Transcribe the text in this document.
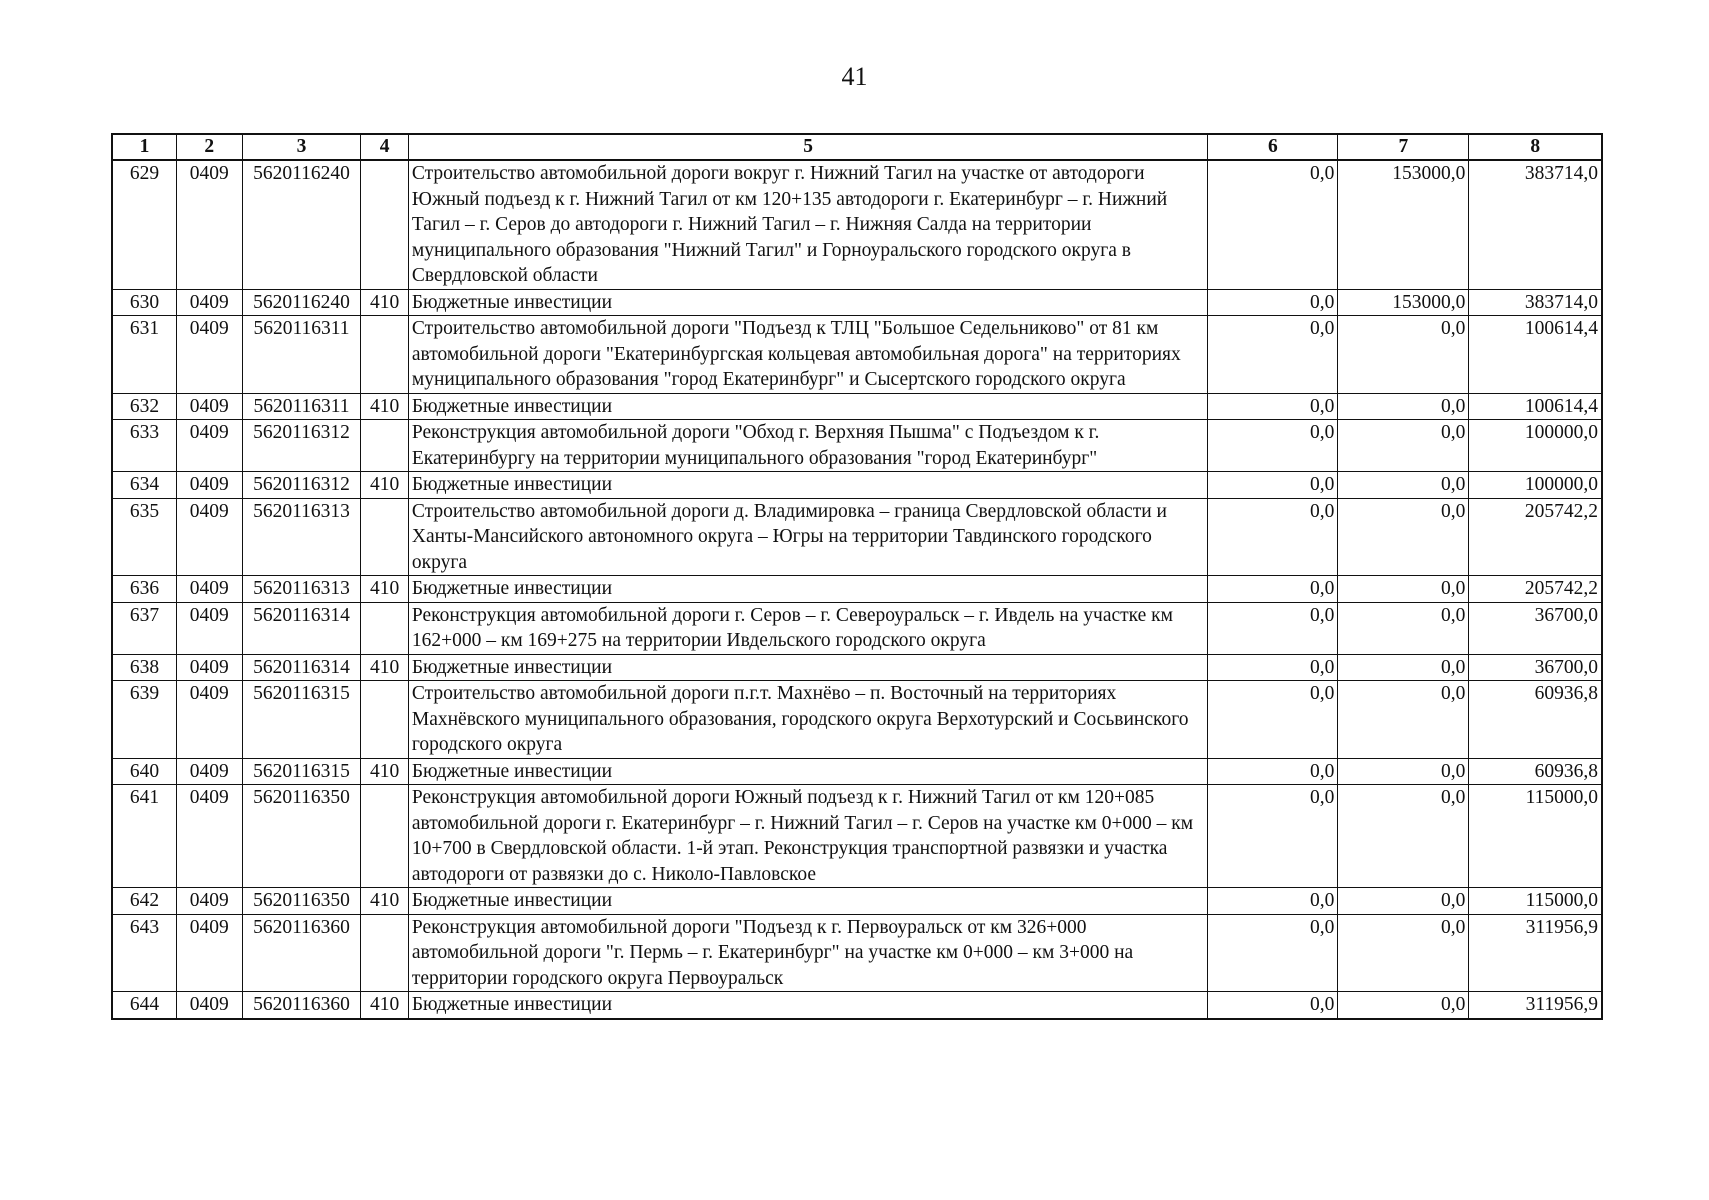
41
1	2	3	4	5	6	7	8
629	0409	5620116240		Строительство автомобильной дороги вокруг г. Нижний Тагил на участке от автодороги Южный подъезд к г. Нижний Тагил от км 120+135 автодороги г. Екатеринбург – г. Нижний Тагил – г. Серов до автодороги г. Нижний Тагил – г. Нижняя Салда на территории муниципального образования "Нижний Тагил" и Горноуральского городского округа в Свердловской области	0,0	153000,0	383714,0
630	0409	5620116240	410	Бюджетные инвестиции	0,0	153000,0	383714,0
631	0409	5620116311		Строительство автомобильной дороги "Подъезд к ТЛЦ "Большое Седельниково" от 81 км автомобильной дороги "Екатеринбургская кольцевая автомобильная дорога" на территориях муниципального образования "город Екатеринбург" и Сысертского городского округа	0,0	0,0	100614,4
632	0409	5620116311	410	Бюджетные инвестиции	0,0	0,0	100614,4
633	0409	5620116312		Реконструкция автомобильной дороги "Обход г. Верхняя Пышма" с Подъездом к г. Екатеринбургу на территории муниципального образования "город Екатеринбург"	0,0	0,0	100000,0
634	0409	5620116312	410	Бюджетные инвестиции	0,0	0,0	100000,0
635	0409	5620116313		Строительство автомобильной дороги д. Владимировка – граница Свердловской области и Ханты-Мансийского автономного округа – Югры на территории Тавдинского городского округа	0,0	0,0	205742,2
636	0409	5620116313	410	Бюджетные инвестиции	0,0	0,0	205742,2
637	0409	5620116314		Реконструкция автомобильной дороги г. Серов – г. Североуральск – г. Ивдель на участке км 162+000 – км 169+275 на территории Ивдельского городского округа	0,0	0,0	36700,0
638	0409	5620116314	410	Бюджетные инвестиции	0,0	0,0	36700,0
639	0409	5620116315		Строительство автомобильной дороги п.г.т. Махнёво – п. Восточный на территориях Махнёвского муниципального образования, городского округа Верхотурский и Сосьвинского городского округа	0,0	0,0	60936,8
640	0409	5620116315	410	Бюджетные инвестиции	0,0	0,0	60936,8
641	0409	5620116350		Реконструкция автомобильной дороги Южный подъезд к г. Нижний Тагил от км 120+085 автомобильной дороги г. Екатеринбург – г. Нижний Тагил – г. Серов на участке км 0+000 – км 10+700 в Свердловской области. 1-й этап. Реконструкция транспортной развязки и участка автодороги от развязки до с. Николо-Павловское	0,0	0,0	115000,0
642	0409	5620116350	410	Бюджетные инвестиции	0,0	0,0	115000,0
643	0409	5620116360		Реконструкция автомобильной дороги "Подъезд к г. Первоуральск от км 326+000 автомобильной дороги "г. Пермь – г. Екатеринбург" на участке км 0+000 – км 3+000 на территории городского округа Первоуральск	0,0	0,0	311956,9
644	0409	5620116360	410	Бюджетные инвестиции	0,0	0,0	311956,9
